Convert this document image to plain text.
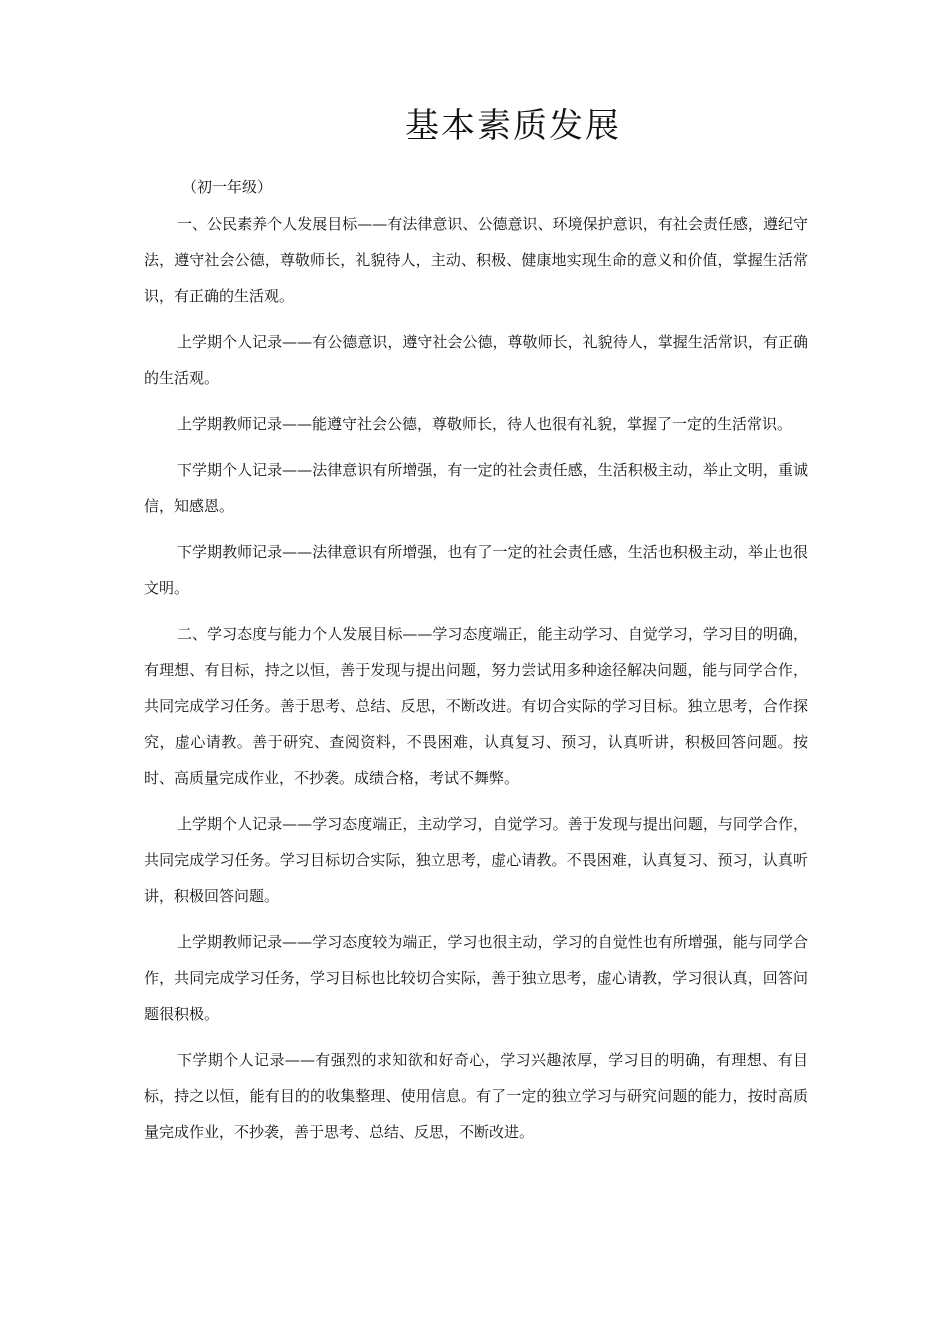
基本素质发展
（初一年级）

一、公民素养个人发展目标——有法律意识、公德意识、环境保护意识，有社会责任感，遵纪守法，遵守社会公德，尊敬师长，礼貌待人，主动、积极、健康地实现生命的意义和价值，掌握生活常识，有正确的生活观。

上学期个人记录——有公德意识，遵守社会公德，尊敬师长，礼貌待人，掌握生活常识，有正确的生活观。

上学期教师记录——能遵守社会公德，尊敬师长，待人也很有礼貌，掌握了一定的生活常识。

下学期个人记录——法律意识有所增强，有一定的社会责任感，生活积极主动，举止文明，重诚信，知感恩。

下学期教师记录——法律意识有所增强，也有了一定的社会责任感，生活也积极主动，举止也很文明。

二、学习态度与能力个人发展目标——学习态度端正，能主动学习、自觉学习，学习目的明确，有理想、有目标，持之以恒，善于发现与提出问题，努力尝试用多种途径解决问题，能与同学合作，共同完成学习任务。善于思考、总结、反思，不断改进。有切合实际的学习目标。独立思考，合作探究，虚心请教。善于研究、查阅资料，不畏困难，认真复习、预习，认真听讲，积极回答问题。按时、高质量完成作业，不抄袭。成绩合格，考试不舞弊。

上学期个人记录——学习态度端正，主动学习，自觉学习。善于发现与提出问题，与同学合作，共同完成学习任务。学习目标切合实际，独立思考，虚心请教。不畏困难，认真复习、预习，认真听讲，积极回答问题。

上学期教师记录——学习态度较为端正，学习也很主动，学习的自觉性也有所增强，能与同学合作，共同完成学习任务，学习目标也比较切合实际，善于独立思考，虚心请教，学习很认真，回答问题很积极。

下学期个人记录——有强烈的求知欲和好奇心，学习兴趣浓厚，学习目的明确，有理想、有目标，持之以恒，能有目的的收集整理、使用信息。有了一定的独立学习与研究问题的能力，按时高质量完成作业，不抄袭，善于思考、总结、反思，不断改进。
